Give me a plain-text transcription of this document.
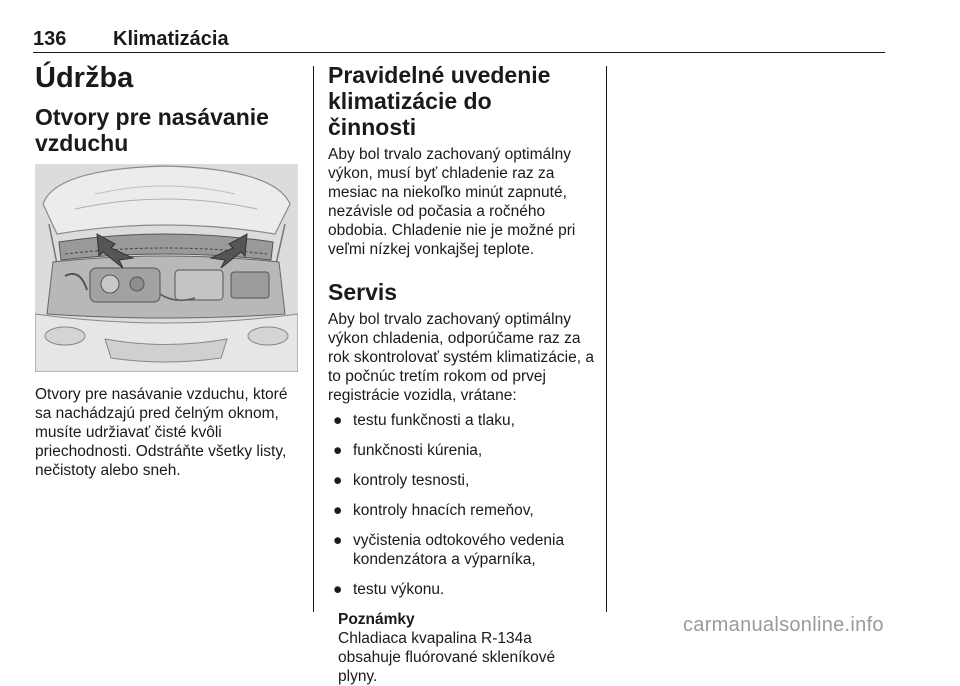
136 Klimatizácia
Údržba
Otvory pre nasávanie vzduchu

Otvory pre nasávanie vzduchu, ktoré sa nachádzajú pred čelným oknom, musíte udržiavať čisté kvôli priechodnosti. Odstráňte všetky listy, nečistoty alebo sneh.

Pravidelné uvedenie klimatizácie do činnosti

Aby bol trvalo zachovaný optimálny výkon, musí byť chladenie raz za mesiac na niekoľko minút zapnuté, nezávisle od počasia a ročného obdobia. Chladenie nie je možné pri veľmi nízkej vonkajšej teplote.

Servis

Aby bol trvalo zachovaný optimálny výkon chladenia, odporúčame raz za rok skontrolovať systém klimatizácie, a to počnúc tretím rokom od prvej registrácie vozidla, vrátane:

● testu funkčnosti a tlaku,
● funkčnosti kúrenia,
● kontroly tesnosti,
● kontroly hnacích remeňov,
● vyčistenia odtokového vedenia kondenzátora a výparníka,
● testu výkonu.
Poznámky

Chladiaca kvapalina R-134a obsahuje fluórované skleníkové plyny.

carmanualsonline.info
